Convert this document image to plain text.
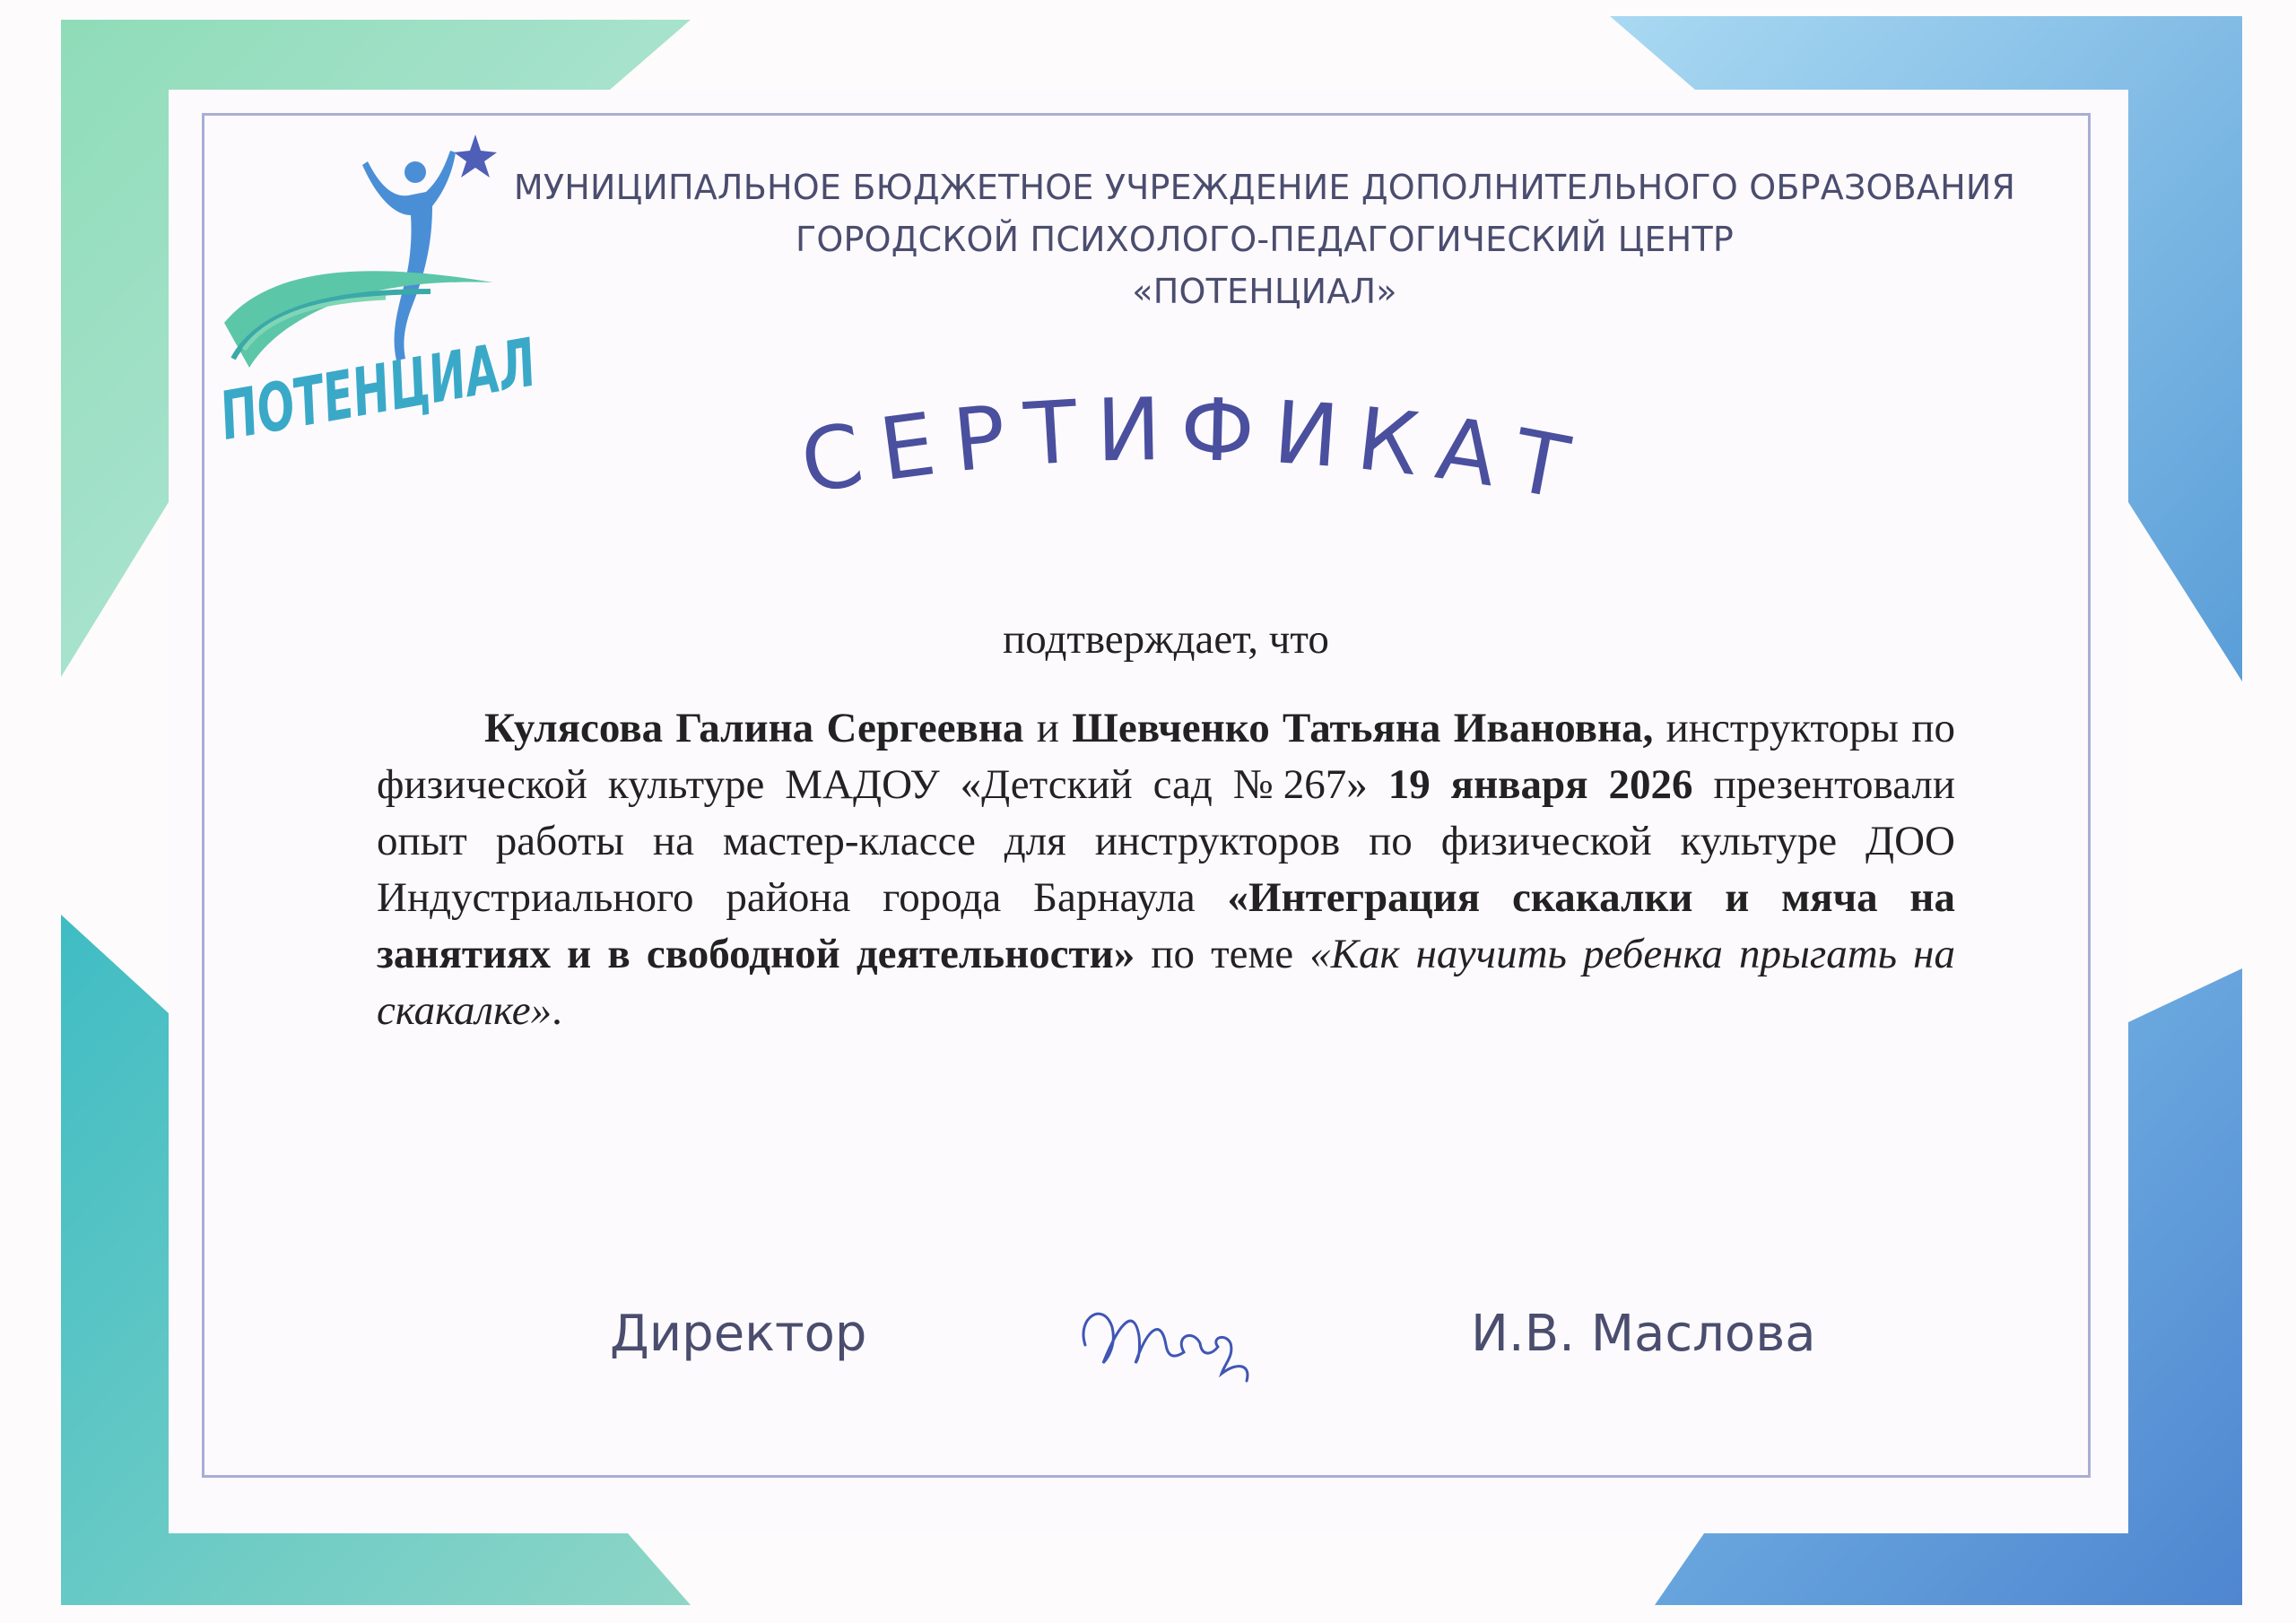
ПОТЕНЦИАЛ
МУНИЦИПАЛЬНОЕ БЮДЖЕТНОЕ УЧРЕЖДЕНИЕ ДОПОЛНИТЕЛЬНОГО ОБРАЗОВАНИЯ
ГОРОДСКОЙ ПСИХОЛОГО-ПЕДАГОГИЧЕСКИЙ ЦЕНТР
«ПОТЕНЦИАЛ»
СЕРТИФИКАТ
подтверждает, что
Кулясова Галина Сергеевна и Шевченко Татьяна Ивановна, инструкторы по физической культуре МАДОУ «Детский сад №267» 19 января 2026 презентовали опыт работы на мастер-классе для инструкторов по физической культуре ДОО Индустриального района города Барнаула «Интеграция скакалки и мяча на занятиях и в свободной деятельности» по теме «Как научить ребенка прыгать на скакалке».
Директор	И.В. Маслова
